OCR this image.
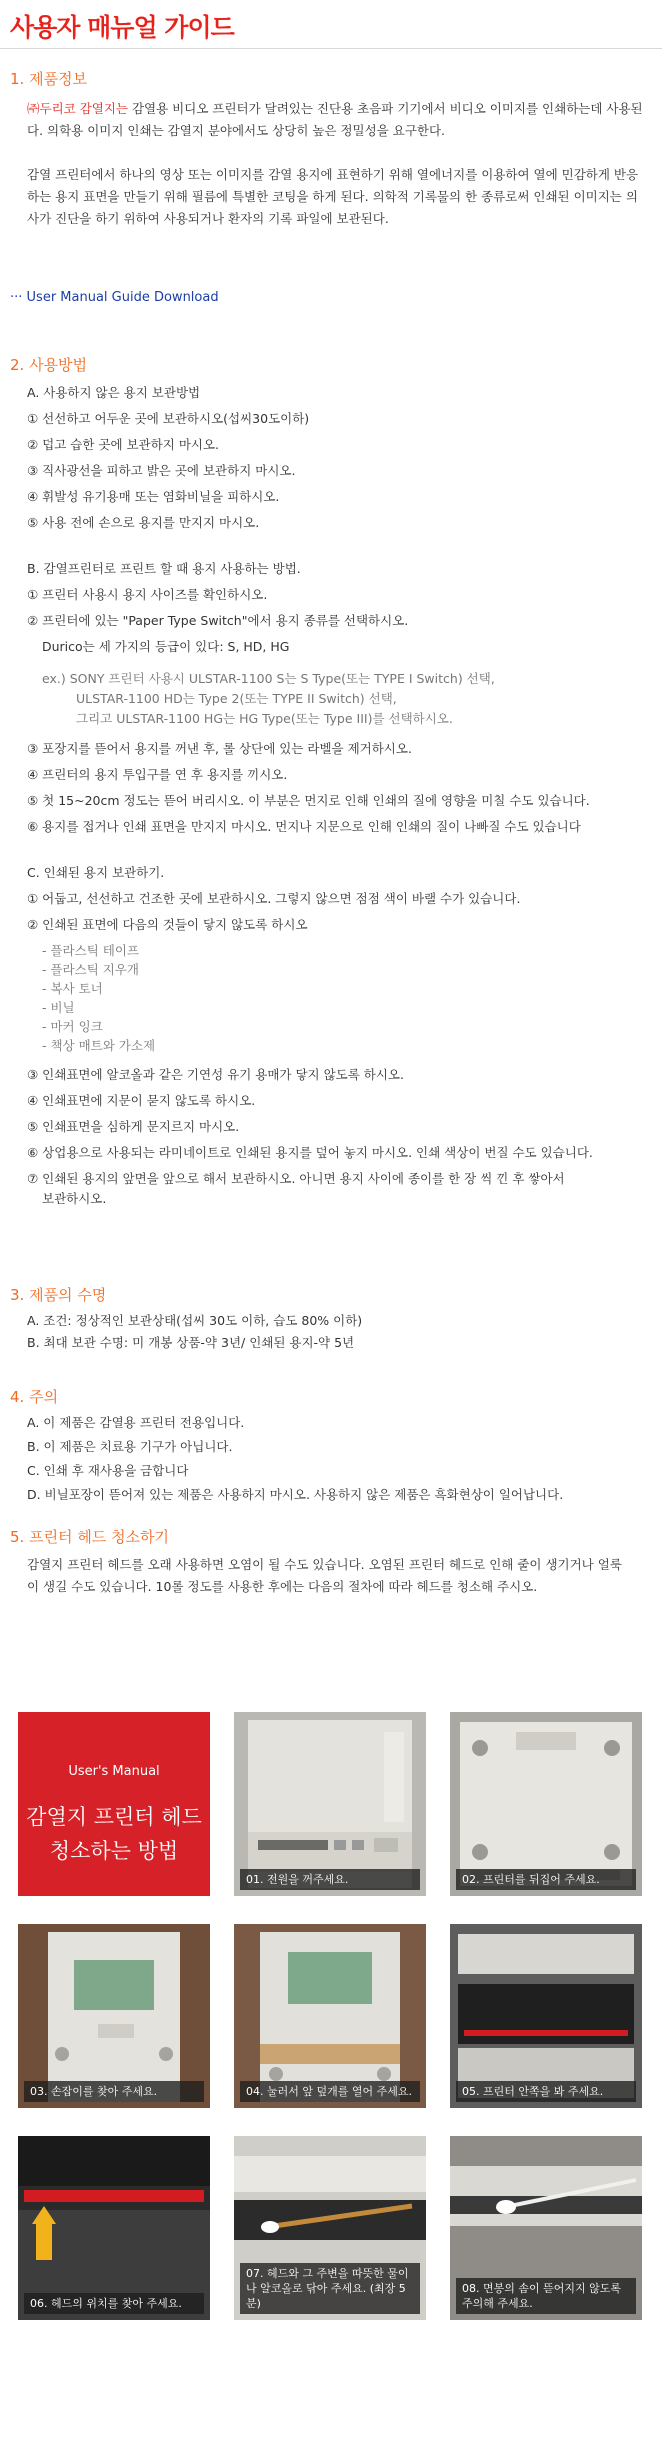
사용자 매뉴얼 가이드
1. 제품정보
㈜두리코 감열지는 감열용 비디오 프린터가 달려있는 진단용 초음파 기기에서 비디오 이미지를 인쇄하는데 사용된다. 의학용 이미지 인쇄는 감열지 분야에서도 상당히 높은 정밀성을 요구한다.
감열 프린터에서 하나의 영상 또는 이미지를 감열 용지에 표현하기 위해 열에너지를 이용하여 열에 민감하게 반응하는 용지 표면을 만들기 위해 필름에 특별한 코팅을 하게 된다. 의학적 기록물의 한 종류로써 인쇄된 이미지는 의사가 진단을 하기 위하여 사용되거나 환자의 기록 파일에 보관된다.
··· User Manual Guide Download
2. 사용방법
A. 사용하지 않은 용지 보관방법
① 선선하고 어두운 곳에 보관하시오(섭씨30도이하)
② 덥고 습한 곳에 보관하지 마시오.
③ 직사광선을 피하고 밝은 곳에 보관하지 마시오.
④ 휘발성 유기용매 또는 염화비닐을 피하시오.
⑤ 사용 전에 손으로 용지를 만지지 마시오.
B. 감열프린터로 프린트 할 때 용지 사용하는 방법.
① 프린터 사용시 용지 사이즈를 확인하시오.
② 프린터에 있는 "Paper Type Switch"에서 용지 종류를 선택하시오.
Durico는 세 가지의 등급이 있다: S, HD, HG
ex.) SONY 프린터 사용시 ULSTAR-1100 S는 S Type(또는 TYPE I Switch) 선택,
ULSTAR-1100 HD는 Type 2(또는 TYPE II Switch) 선택,
그리고 ULSTAR-1100 HG는 HG Type(또는 Type III)를 선택하시오.
③ 포장지를 뜯어서 용지를 꺼낸 후, 롤 상단에 있는 라벨을 제거하시오.
④ 프린터의 용지 투입구를 연 후 용지를 끼시오.
⑤ 첫 15~20cm 정도는 뜯어 버리시오. 이 부분은 먼지로 인해 인쇄의 질에 영향을 미칠 수도 있습니다.
⑥ 용지를 접거나 인쇄 표면을 만지지 마시오. 먼지나 지문으로 인해 인쇄의 질이 나빠질 수도 있습니다
C. 인쇄된 용지 보관하기.
① 어둡고, 선선하고 건조한 곳에 보관하시오. 그렇지 않으면 점점 색이 바랠 수가 있습니다.
② 인쇄된 표면에 다음의 것들이 닿지 않도록 하시오
- 플라스틱 테이프
- 플라스틱 지우개
- 복사 토너
- 비닐
- 마커 잉크
- 책상 매트와 가소제
③ 인쇄표면에 알코올과 같은 기연성 유기 용매가 닿지 않도록 하시오.
④ 인쇄표면에 지문이 묻지 않도록 하시오.
⑤ 인쇄표면을 심하게 문지르지 마시오.
⑥ 상업용으로 사용되는 라미네이트로 인쇄된 용지를 덮어 놓지 마시오. 인쇄 색상이 번질 수도 있습니다.
⑦ 인쇄된 용지의 앞면을 앞으로 해서 보관하시오. 아니면 용지 사이에 종이를 한 장 씩 낀 후 쌓아서
보관하시오.
3. 제품의 수명
A. 조건: 정상적인 보관상태(섭씨 30도 이하, 습도 80% 이하)
B. 최대 보관 수명: 미 개봉 상품-약 3년/ 인쇄된 용지-약 5년
4. 주의
A. 이 제품은 감열용 프린터 전용입니다.
B. 이 제품은 치료용 기구가 아닙니다.
C. 인쇄 후 재사용을 금합니다
D. 비닐포장이 뜯어져 있는 제품은 사용하지 마시오. 사용하지 않은 제품은 흑화현상이 일어납니다.
5. 프린터 헤드 청소하기
감열지 프린터 헤드를 오래 사용하면 오염이 될 수도 있습니다. 오염된 프린터 헤드로 인해 줄이 생기거나 얼룩이 생길 수도 있습니다. 10롤 정도를 사용한 후에는 다음의 절차에 따라 헤드를 청소해 주시오.
User's Manual
감열지 프린터 헤드
청소하는 방법
01. 전원을 꺼주세요.	02. 프린터를 뒤집어 주세요.
03. 손잡이를 찾아 주세요.	04. 눌러서 앞 덮개를 열어 주세요.	05. 프린터 안쪽을 봐 주세요.
06. 헤드의 위치를 찾아 주세요.
07. 헤드와 그 주변을 따뜻한 물이나 알코올로 닦아 주세요. (최장 5분)
08. 면봉의 솜이 뜯어지지 않도록 주의해 주세요.
